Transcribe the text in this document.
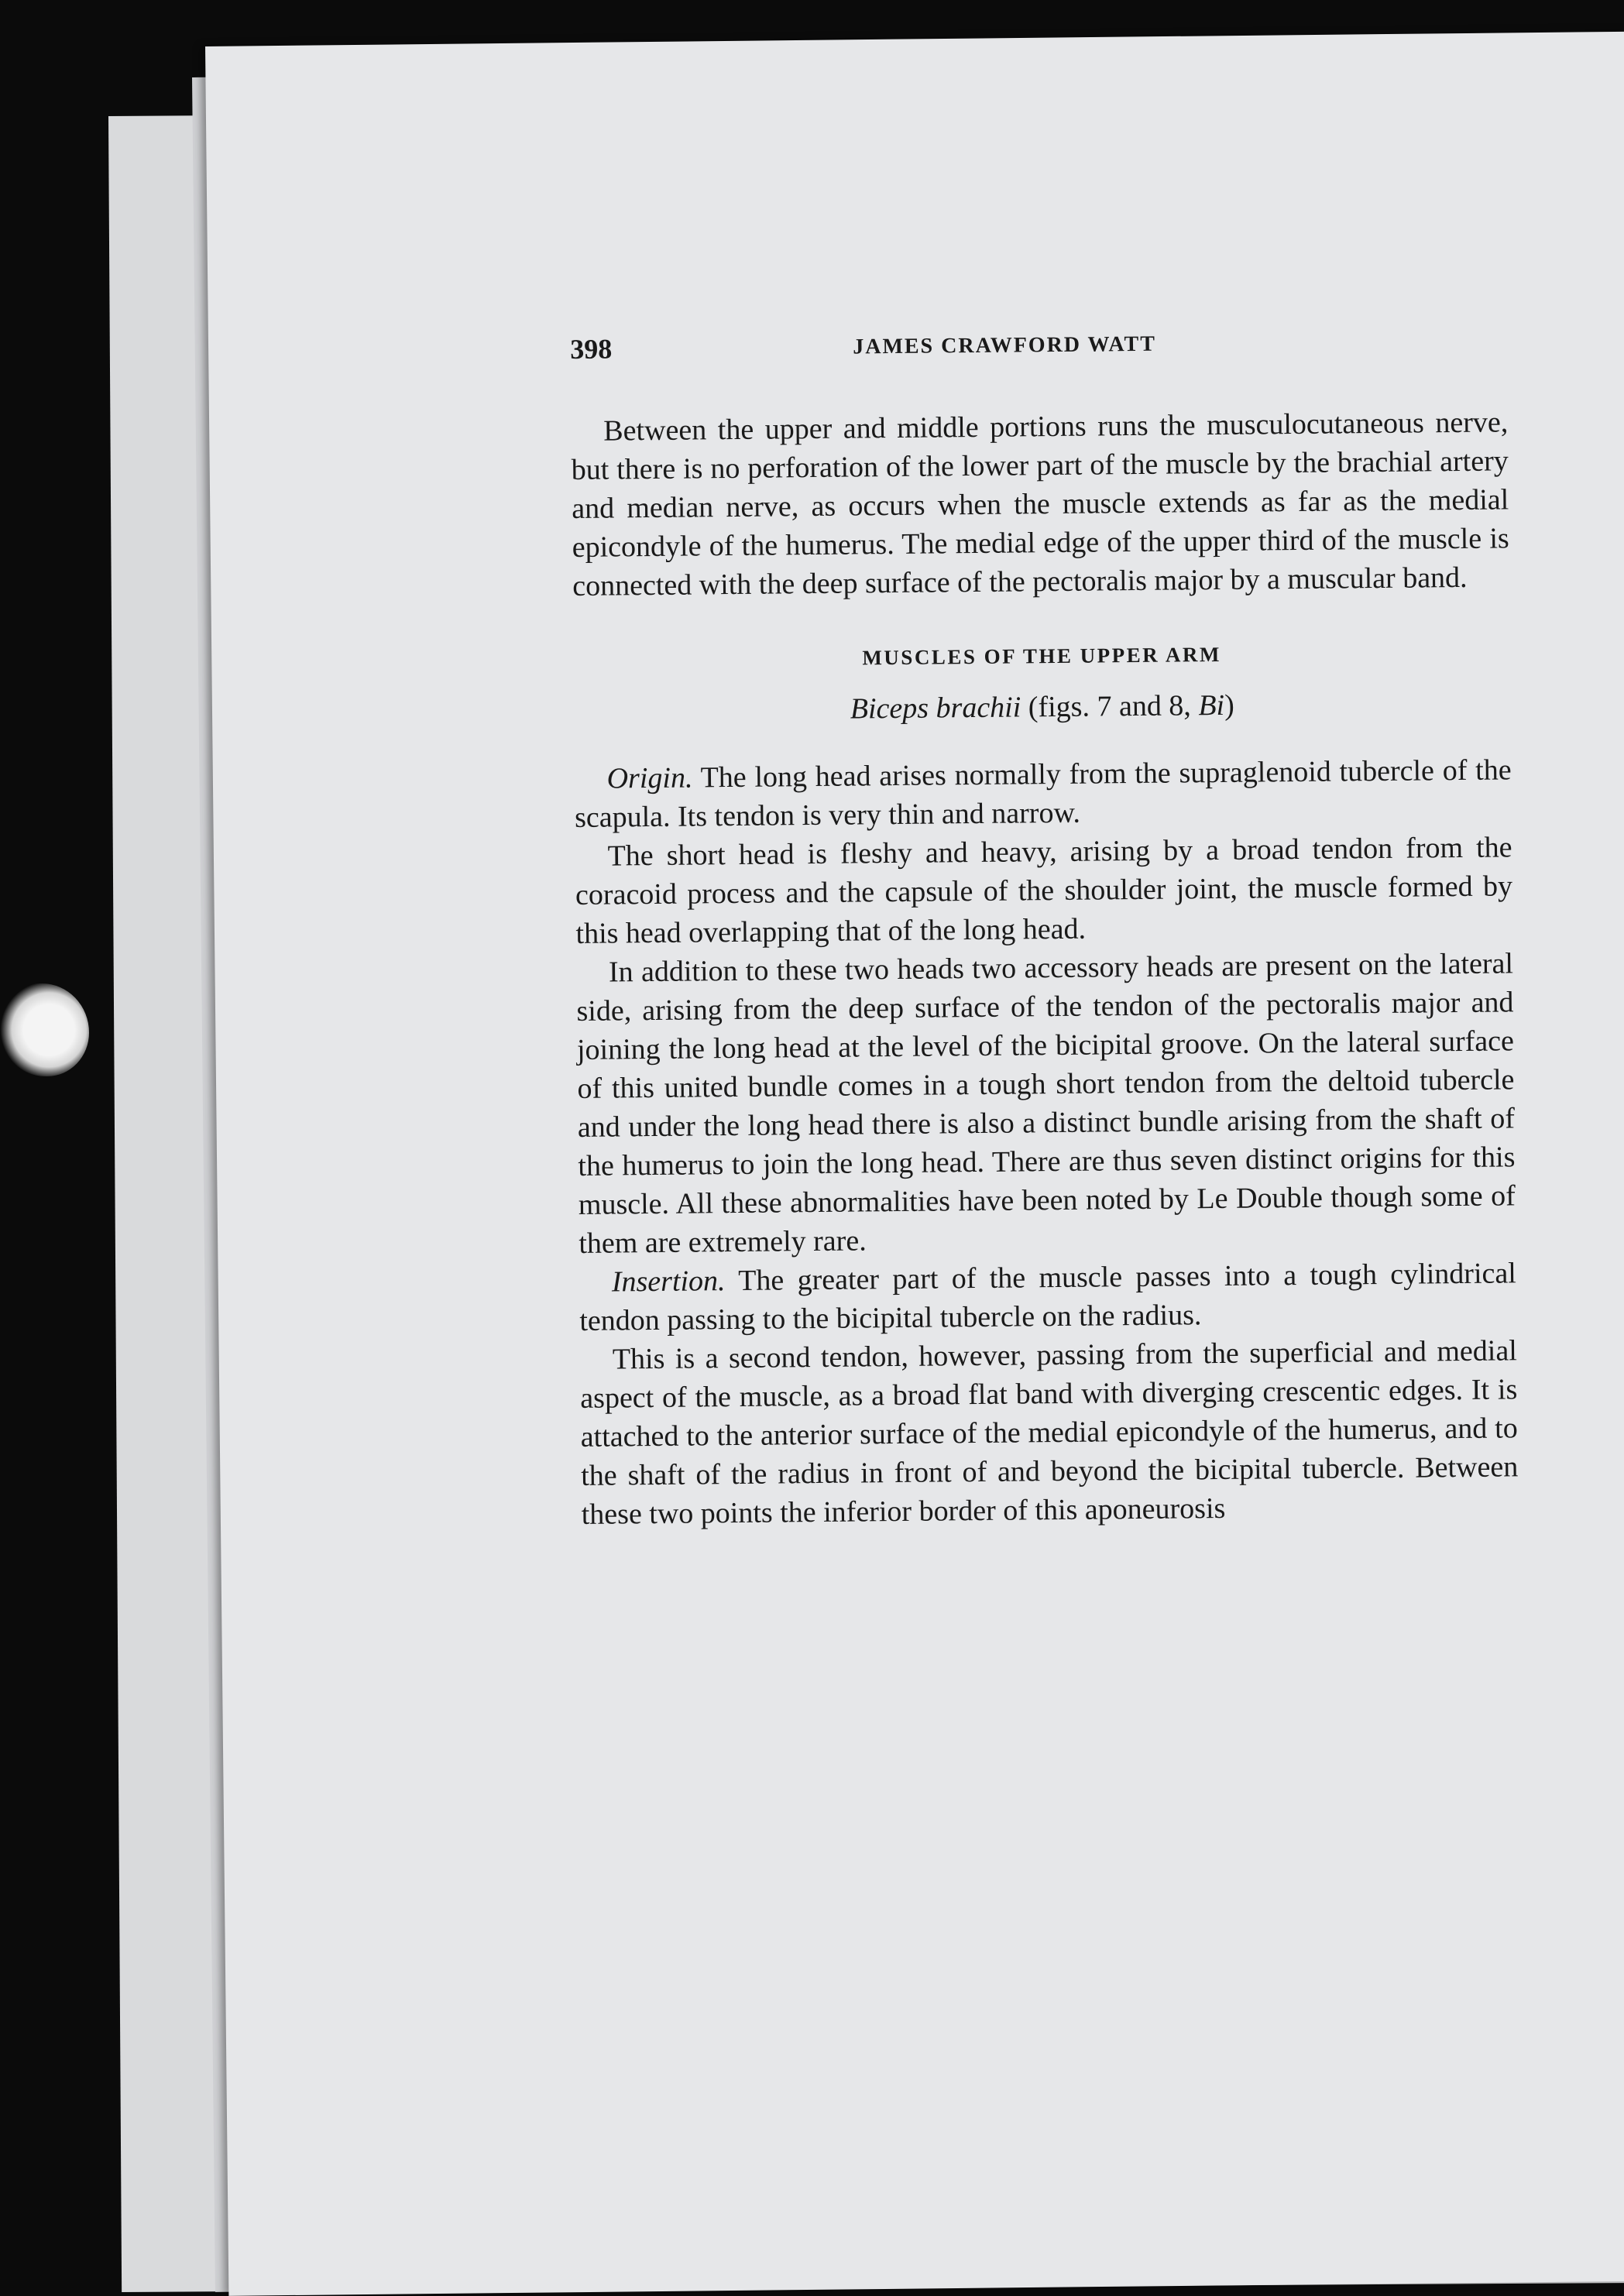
398	JAMES CRAWFORD WATT

Between the upper and middle portions runs the musculocutaneous nerve, but there is no perforation of the lower part of the muscle by the brachial artery and median nerve, as occurs when the muscle extends as far as the medial epicondyle of the humerus. The medial edge of the upper third of the muscle is connected with the deep surface of the pectoralis major by a muscular band.

MUSCLES OF THE UPPER ARM
Biceps brachii (figs. 7 and 8, Bi)

Origin. The long head arises normally from the supraglenoid tubercle of the scapula. Its tendon is very thin and narrow.

The short head is fleshy and heavy, arising by a broad tendon from the coracoid process and the capsule of the shoulder joint, the muscle formed by this head overlapping that of the long head.

In addition to these two heads two accessory heads are present on the lateral side, arising from the deep surface of the tendon of the pectoralis major and joining the long head at the level of the bicipital groove. On the lateral surface of this united bundle comes in a tough short tendon from the deltoid tubercle and under the long head there is also a distinct bundle arising from the shaft of the humerus to join the long head. There are thus seven distinct origins for this muscle. All these abnormalities have been noted by Le Double though some of them are extremely rare.

Insertion. The greater part of the muscle passes into a tough cylindrical tendon passing to the bicipital tubercle on the radius.

This is a second tendon, however, passing from the superficial and medial aspect of the muscle, as a broad flat band with diverging crescentic edges. It is attached to the anterior surface of the medial epicondyle of the humerus, and to the shaft of the radius in front of and beyond the bicipital tubercle. Between these two points the inferior border of this aponeurosis
